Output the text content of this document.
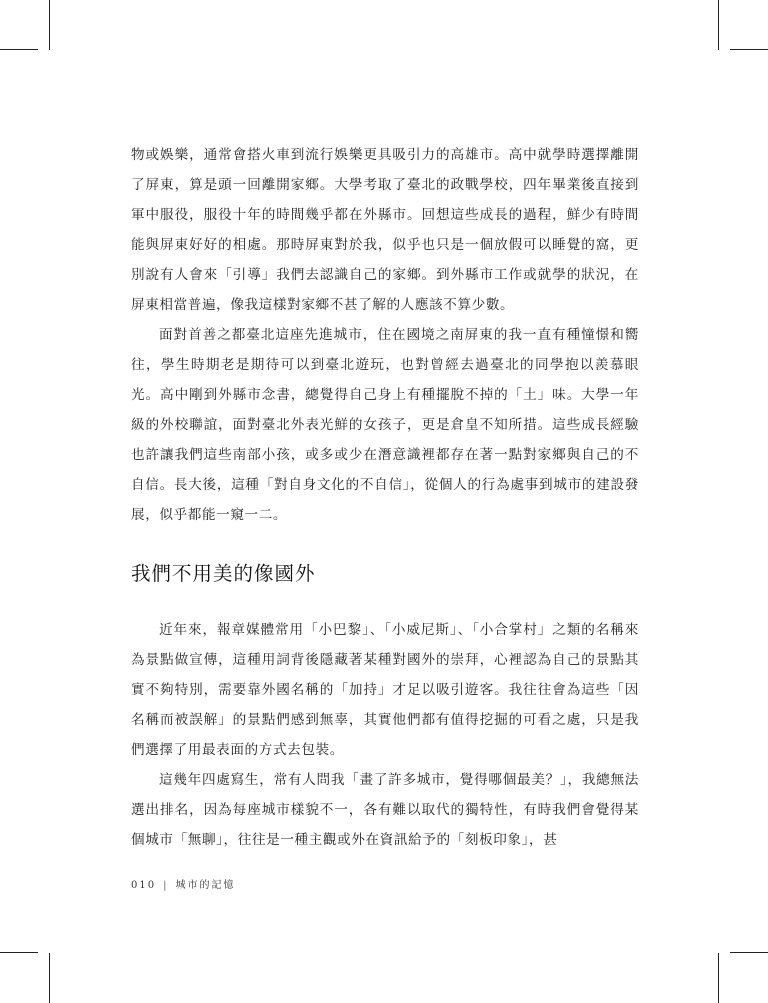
物或娛樂，通常會搭火車到流行娛樂更具吸引力的高雄市。高中就學時選擇離開了屏東，算是頭一回離開家鄉。大學考取了臺北的政戰學校，四年畢業後直接到軍中服役，服役十年的時間幾乎都在外縣市。回想這些成長的過程，鮮少有時間能與屏東好好的相處。那時屏東對於我，似乎也只是一個放假可以睡覺的窩，更別說有人會來「引導」我們去認識自己的家鄉。到外縣市工作或就學的狀況，在屏東相當普遍，像我這樣對家鄉不甚了解的人應該不算少數。

面對首善之都臺北這座先進城市，住在國境之南屏東的我一直有種憧憬和嚮往，學生時期老是期待可以到臺北遊玩，也對曾經去過臺北的同學抱以羨慕眼光。高中剛到外縣市念書，總覺得自己身上有種擺脫不掉的「土」味。大學一年級的外校聯誼，面對臺北外表光鮮的女孩子，更是倉皇不知所措。這些成長經驗也許讓我們這些南部小孩，或多或少在潛意識裡都存在著一點對家鄉與自己的不自信。長大後，這種「對自身文化的不自信」，從個人的行為處事到城市的建設發展，似乎都能一窺一二。

我們不用美的像國外

近年來，報章媒體常用「小巴黎」、「小威尼斯」、「小合掌村」之類的名稱來為景點做宣傳，這種用詞背後隱藏著某種對國外的崇拜，心裡認為自己的景點其實不夠特別，需要靠外國名稱的「加持」才足以吸引遊客。我往往會為這些「因名稱而被誤解」的景點們感到無辜，其實他們都有值得挖掘的可看之處，只是我們選擇了用最表面的方式去包裝。

這幾年四處寫生，常有人問我「畫了許多城市，覺得哪個最美？」，我總無法選出排名，因為每座城市樣貌不一，各有難以取代的獨特性，有時我們會覺得某個城市「無聊」，往往是一種主觀或外在資訊給予的「刻板印象」，甚

010 | 城市的記憶
